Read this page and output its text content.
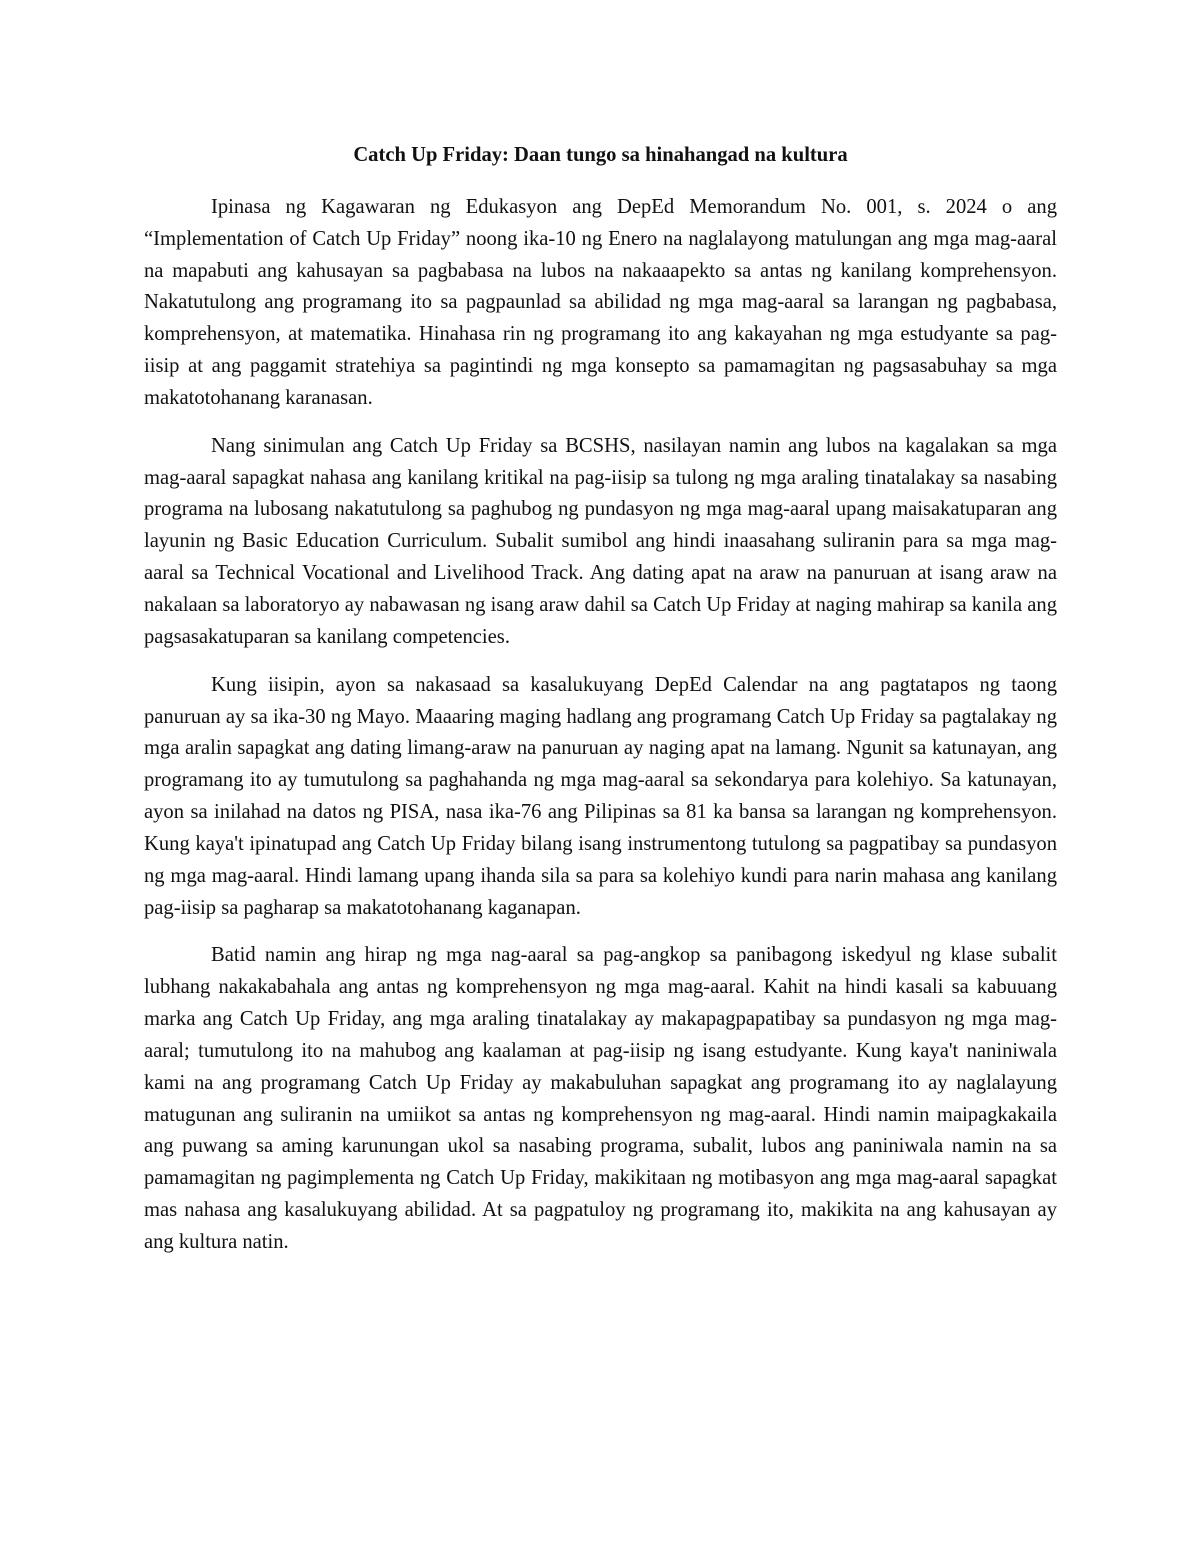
Catch Up Friday: Daan tungo sa hinahangad na kultura

Ipinasa ng Kagawaran ng Edukasyon ang DepEd Memorandum No. 001, s. 2024 o ang “Implementation of Catch Up Friday” noong ika-10 ng Enero na naglalayong matulungan ang mga mag-aaral na mapabuti ang kahusayan sa pagbabasa na lubos na nakaaapekto sa antas ng kanilang komprehensyon. Nakatutulong ang programang ito sa pagpaunlad sa abilidad ng mga mag-aaral sa larangan ng pagbabasa, komprehensyon, at matematika. Hinahasa rin ng programang ito ang kakayahan ng mga estudyante sa pag-iisip at ang paggamit stratehiya sa pagintindi ng mga konsepto sa pamamagitan ng pagsasabuhay sa mga makatotohanang karanasan.

Nang sinimulan ang Catch Up Friday sa BCSHS, nasilayan namin ang lubos na kagalakan sa mga mag-aaral sapagkat nahasa ang kanilang kritikal na pag-iisip sa tulong ng mga araling tinatalakay sa nasabing programa na lubosang nakatutulong sa paghubog ng pundasyon ng mga mag-aaral upang maisakatuparan ang layunin ng Basic Education Curriculum. Subalit sumibol ang hindi inaasahang suliranin para sa mga mag-aaral sa Technical Vocational and Livelihood Track. Ang dating apat na araw na panuruan at isang araw na nakalaan sa laboratoryo ay nabawasan ng isang araw dahil sa Catch Up Friday at naging mahirap sa kanila ang pagsasakatuparan sa kanilang competencies.

Kung iisipin, ayon sa nakasaad sa kasalukuyang DepEd Calendar na ang pagtatapos ng taong panuruan ay sa ika-30 ng Mayo. Maaaring maging hadlang ang programang Catch Up Friday sa pagtalakay ng mga aralin sapagkat ang dating limang-araw na panuruan ay naging apat na lamang. Ngunit sa katunayan, ang programang ito ay tumutulong sa paghahanda ng mga mag-aaral sa sekondarya para kolehiyo. Sa katunayan, ayon sa inilahad na datos ng PISA, nasa ika-76 ang Pilipinas sa 81 ka bansa sa larangan ng komprehensyon. Kung kaya't ipinatupad ang Catch Up Friday bilang isang instrumentong tutulong sa pagpatibay sa pundasyon ng mga mag-aaral. Hindi lamang upang ihanda sila sa para sa kolehiyo kundi para narin mahasa ang kanilang pag-iisip sa pagharap sa makatotohanang kaganapan.

Batid namin ang hirap ng mga nag-aaral sa pag-angkop sa panibagong iskedyul ng klase subalit lubhang nakakabahala ang antas ng komprehensyon ng mga mag-aaral. Kahit na hindi kasali sa kabuuang marka ang Catch Up Friday, ang mga araling tinatalakay ay makapagpapatibay sa pundasyon ng mga mag-aaral; tumutulong ito na mahubog ang kaalaman at pag-iisip ng isang estudyante. Kung kaya't naniniwala kami na ang programang Catch Up Friday ay makabuluhan sapagkat ang programang ito ay naglalayung matugunan ang suliranin na umiikot sa antas ng komprehensyon ng mag-aaral. Hindi namin maipagkakaila ang puwang sa aming karunungan ukol sa nasabing programa, subalit, lubos ang paniniwala namin na sa pamamagitan ng pagimplementa ng Catch Up Friday, makikitaan ng motibasyon ang mga mag-aaral sapagkat mas nahasa ang kasalukuyang abilidad. At sa pagpatuloy ng programang ito, makikita na ang kahusayan ay ang kultura natin.
